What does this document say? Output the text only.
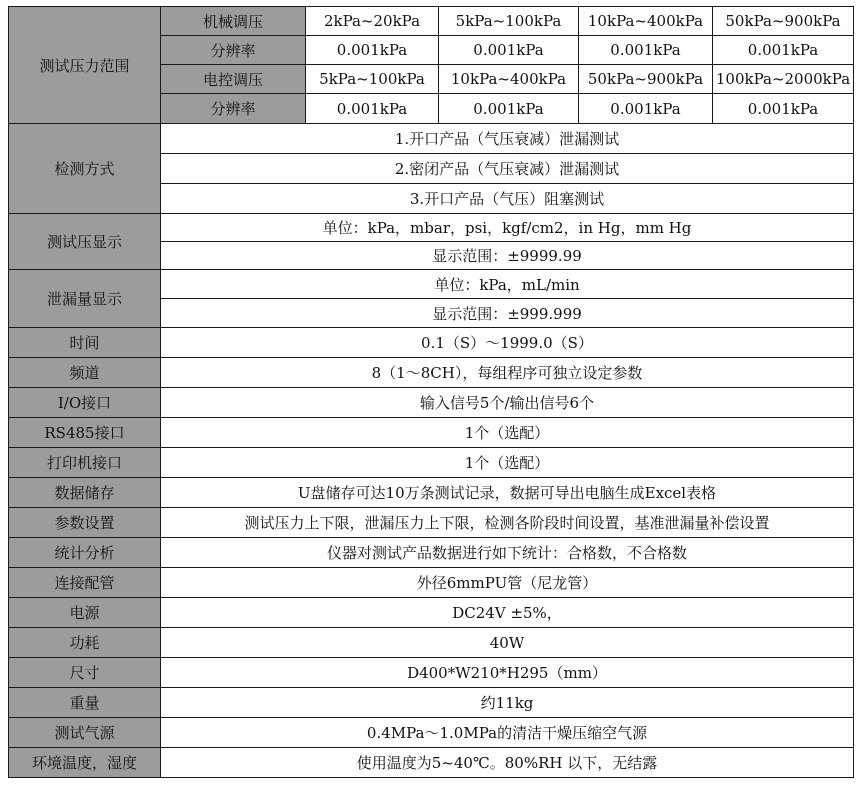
测试压力范围	机械调压	2kPa~20kPa	5kPa~100kPa	10kPa~400kPa	50kPa~900kPa
	分辨率	0.001kPa	0.001kPa	0.001kPa	0.001kPa
	电控调压	5kPa~100kPa	10kPa~400kPa	50kPa~900kPa	100kPa~2000kPa
	分辨率	0.001kPa	0.001kPa	0.001kPa	0.001kPa
检测方式	1.开口产品（气压衰减）泄漏测试				
	2.密闭产品（气压衰减）泄漏测试				
	3.开口产品（气压）阻塞测试				
测试压显示	单位：kPa，mbar，psi，kgf/cm2，in Hg，mm Hg				
	显示范围：±9999.99				
泄漏量显示	单位：kPa，mL/min				
	显示范围：±999.999				
时间	0.1（S）～1999.0（S）				
频道	8（1～8CH），每组程序可独立设定参数				
I/O接口	输入信号5个/输出信号6个				
RS485接口	1个（选配）				
打印机接口	1个（选配）				
数据储存	U盘储存可达10万条测试记录，数据可导出电脑生成Excel表格				
参数设置	测试压力上下限，泄漏压力上下限，检测各阶段时间设置，基准泄漏量补偿设置				
统计分析	仪器对测试产品数据进行如下统计：合格数，不合格数				
连接配管	外径6mmPU管（尼龙管）				
电源	DC24V ±5%，				
功耗	40W				
尺寸	D400*W210*H295（mm）				
重量	约11kg				
测试气源	0.4MPa～1.0MPa的清洁干燥压缩空气源				
环境温度，湿度	使用温度为5~40℃。80%RH 以下，无结露				
